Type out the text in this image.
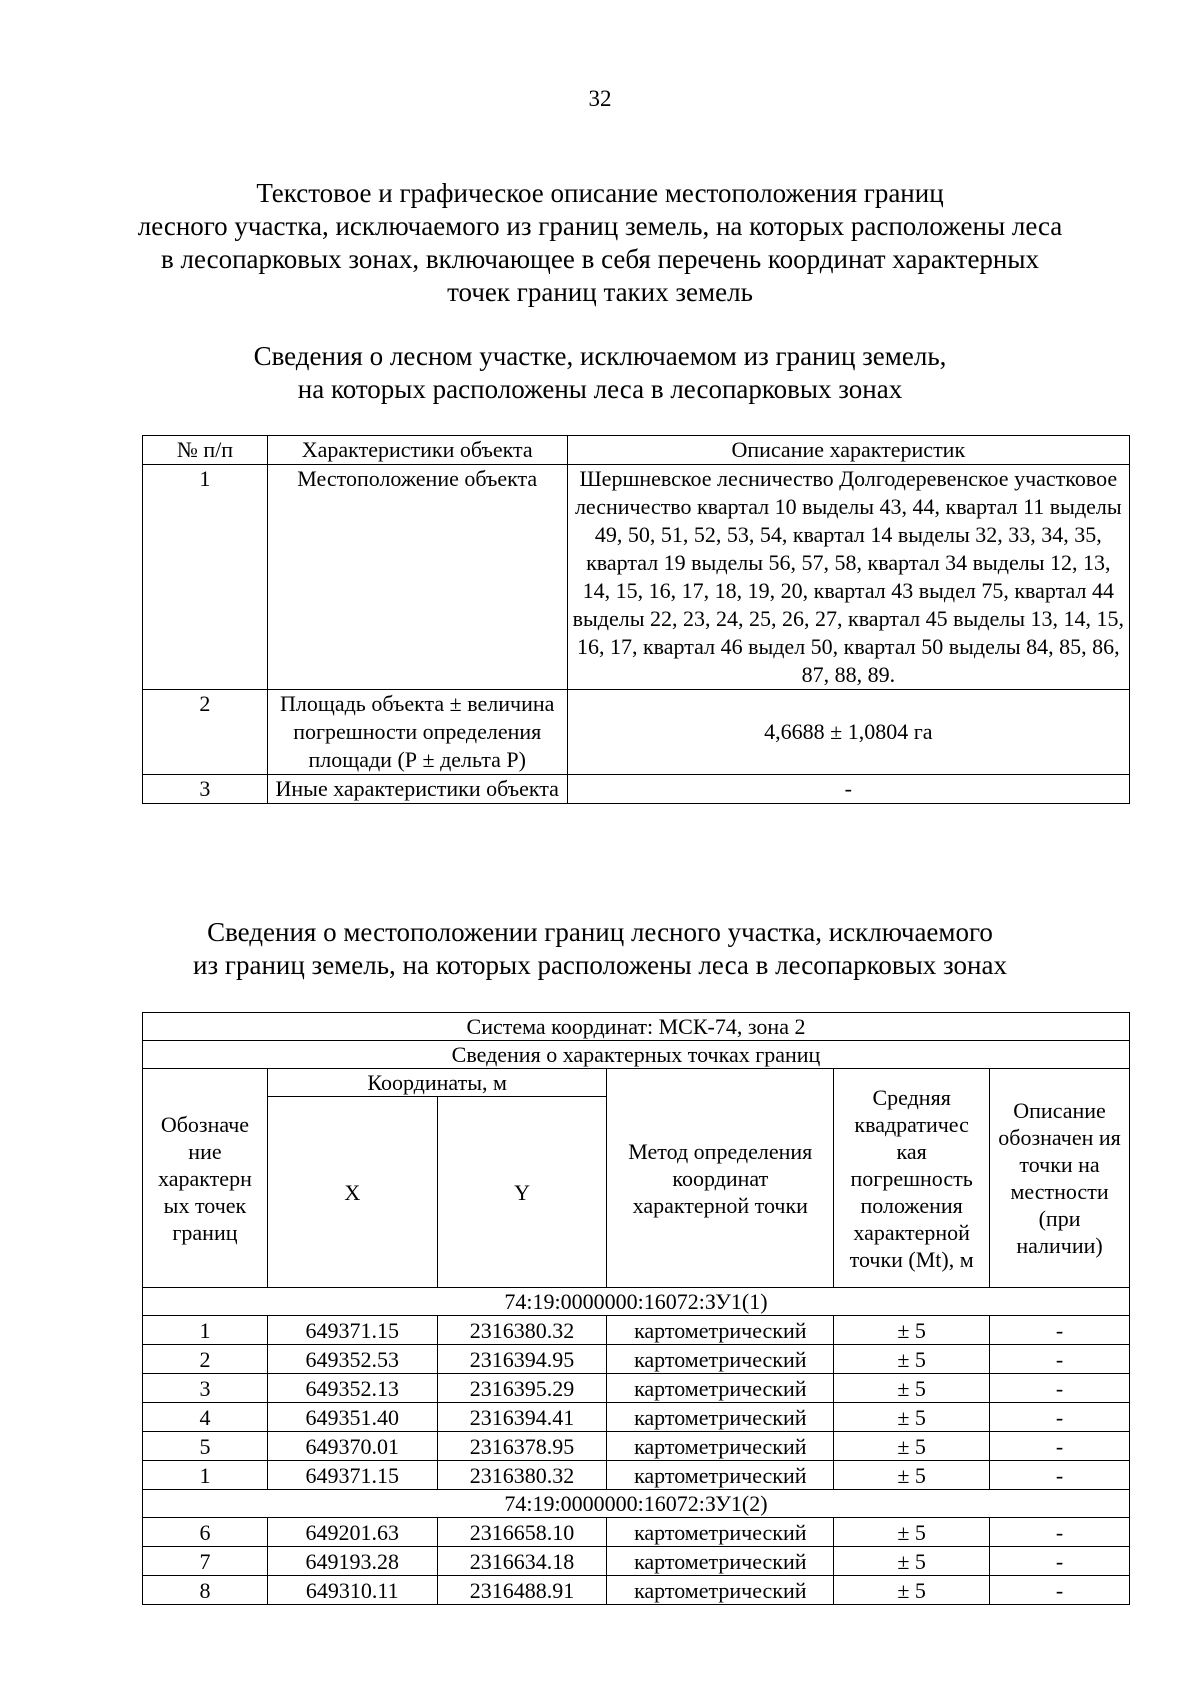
32
Текстовое и графическое описание местоположения границ
лесного участка, исключаемого из границ земель, на которых расположены леса
в лесопарковых зонах, включающее в себя перечень координат характерных
точек границ таких земель
Сведения о лесном участке, исключаемом из границ земель,
на которых расположены леса в лесопарковых зонах
№ п/п	Характеристики объекта	Описание характеристик
1	Местоположение объекта	Шершневское лесничество Долгодеревенское участковое лесничество квартал 10 выделы 43, 44, квартал 11 выделы 49, 50, 51, 52, 53, 54, квартал 14 выделы 32, 33, 34, 35, квартал 19 выделы 56, 57, 58, квартал 34 выделы 12, 13, 14, 15, 16, 17, 18, 19, 20, квартал 43 выдел 75, квартал 44 выделы 22, 23, 24, 25, 26, 27, квартал 45 выделы 13, 14, 15, 16, 17, квартал 46 выдел 50, квартал 50 выделы 84, 85, 86, 87, 88, 89.
2	Площадь объекта ± величина погрешности определения площади (Р ± дельта Р)	4,6688 ± 1,0804 га
3	Иные характеристики объекта	-
Сведения о местоположении границ лесного участка, исключаемого
из границ земель, на которых расположены леса в лесопарковых зонах
Система координат: МСК-74, зона 2					
Сведения о характерных точках границ					
Обозначе ние характерн ых точек границ	Координаты, м		Метод определения координат характерной точки	Средняя квадратичес кая погрешность положения характерной точки (Mt), м	Описание обозначен ия точки на местности (при наличии)
	X	Y			
74:19:0000000:16072:ЗУ1(1)					
1	649371.15	2316380.32	картометрический	± 5	-
2	649352.53	2316394.95	картометрический	± 5	-
3	649352.13	2316395.29	картометрический	± 5	-
4	649351.40	2316394.41	картометрический	± 5	-
5	649370.01	2316378.95	картометрический	± 5	-
1	649371.15	2316380.32	картометрический	± 5	-
74:19:0000000:16072:ЗУ1(2)					
6	649201.63	2316658.10	картометрический	± 5	-
7	649193.28	2316634.18	картометрический	± 5	-
8	649310.11	2316488.91	картометрический	± 5	-
